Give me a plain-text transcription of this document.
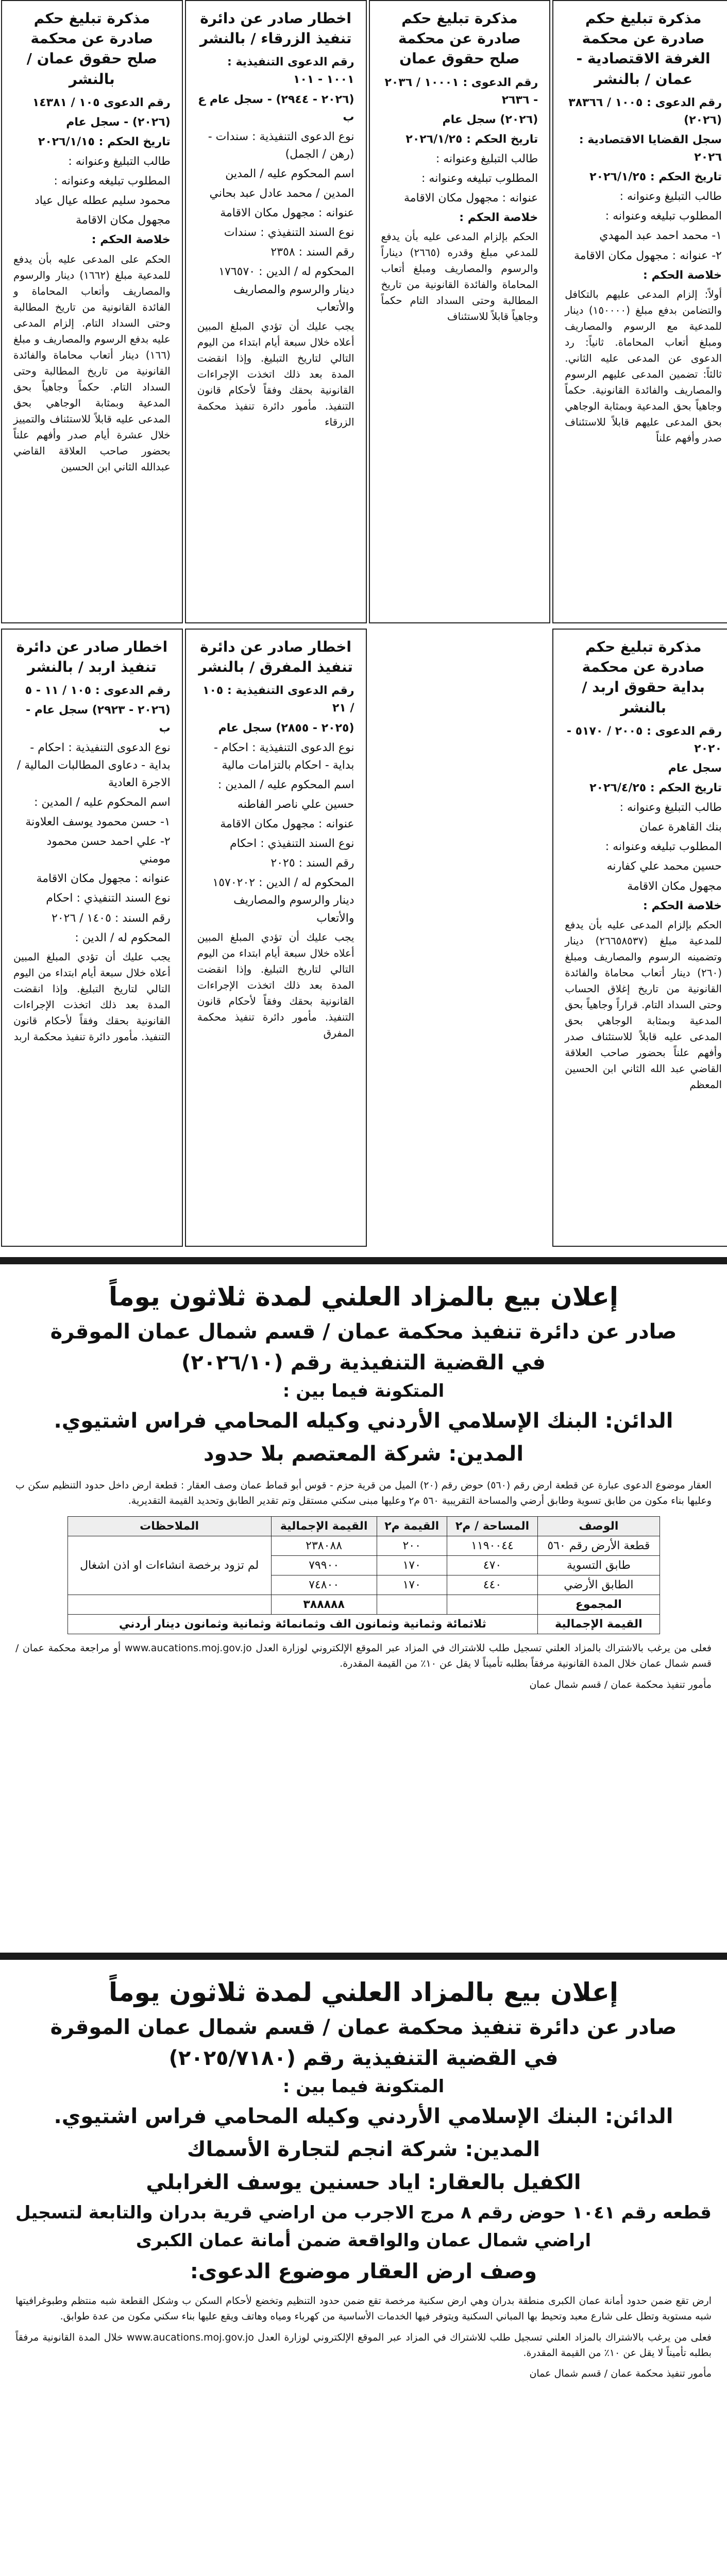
مذكرة تبليغ حكم صادرة عن محكمة صلح حقوق عمان / بالنشر
رقم الدعوى ١٠٥ / ١٤٣٨١
(٢٠٢٦) - سجل عام
تاريخ الحكم : ٢٠٢٦/١/١٥
طالب التبليغ وعنوانه :
المطلوب تبليغه وعنوانه :
محمود سليم عطله عيال عياد
مجهول مكان الاقامة
خلاصة الحكم :
الحكم على المدعى عليه بأن يدفع للمدعية مبلغ (١٦٦٢) دينار والرسوم والمصاريف وأتعاب المحاماة و الفائدة القانونية من تاريخ المطالبة وحتى السداد التام. إلزام المدعى عليه بدفع الرسوم والمصاريف و مبلغ (١٦٦) دينار أتعاب محاماة والفائدة القانونية من تاريخ المطالبة وحتى السداد التام. حكماً وجاهياً بحق المدعية وبمثابة الوجاهي بحق المدعى عليه قابلاً للاستئناف والتمييز خلال عشرة أيام صدر وأفهم علناً بحضور صاحب العلاقة القاضي عبدالله الثاني ابن الحسين
اخطار صادر عن دائرة تنفيذ الزرقاء / بالنشر
رقم الدعوى التنفيذية : ١٠٠١ - ١٠١
(٢٠٢٦ - ٢٩٤٤) - سجل عام ع ب
نوع الدعوى التنفيذية : سندات - (رهن / الجمل)
اسم المحكوم عليه / المدين
المدين / محمد عادل عبد بحاني
عنوانه : مجهول مكان الاقامة
نوع السند التنفيذي : سندات
رقم السند : ٢٣٥٨
المحكوم له / الدين : ١٧٦٥٧٠ دينار والرسوم والمصاريف والأتعاب
يجب عليك أن تؤدي المبلغ المبين أعلاه خلال سبعة أيام ابتداء من اليوم التالي لتاريخ التبليغ. وإذا انقضت المدة بعد ذلك اتخذت الإجراءات القانونية بحقك وفقاً لأحكام قانون التنفيذ. مأمور دائرة تنفيذ محكمة الزرقاء
مذكرة تبليغ حكم صادرة عن محكمة صلح حقوق عمان
رقم الدعوى : ١٠٠٠١ / ٢٠٣٦ - ٢٦٣٦
(٢٠٢٦) سجل عام
تاريخ الحكم : ٢٠٢٦/١/٢٥
طالب التبليغ وعنوانه :
المطلوب تبليغه وعنوانه :
عنوانه : مجهول مكان الاقامة
خلاصة الحكم :
الحكم بإلزام المدعى عليه بأن يدفع للمدعي مبلغ وقدره (٢٦٦٥) ديناراً والرسوم والمصاريف ومبلغ أتعاب المحاماة والفائدة القانونية من تاريخ المطالبة وحتى السداد التام حكماً وجاهياً قابلاً للاستئناف
مذكرة تبليغ حكم صادرة عن محكمة الغرفة الاقتصادية - عمان / بالنشر
رقم الدعوى : ١٠٠٥ / ٣٨٣٦٦ (٢٠٢٦)
سجل القضايا الاقتصادية : ٢٠٢٦
تاريخ الحكم : ٢٠٢٦/١/٢٥
طالب التبليغ وعنوانه :
المطلوب تبليغه وعنوانه :
١- محمد احمد عبد المهدي
٢- عنوانه : مجهول مكان الاقامة
خلاصة الحكم :
أولاً: إلزام المدعى عليهم بالتكافل والتضامن بدفع مبلغ (١٥٠٠٠٠) دينار للمدعية مع الرسوم والمصاريف ومبلغ أتعاب المحاماة. ثانياً: رد الدعوى عن المدعى عليه الثاني. ثالثاً: تضمين المدعى عليهم الرسوم والمصاريف والفائدة القانونية. حكماً وجاهياً بحق المدعية وبمثابة الوجاهي بحق المدعى عليهم قابلاً للاستئناف صدر وأفهم علناً
اخطار صادر عن دائرة تنفيذ اربد / بالنشر
رقم الدعوى : ١٠٥ / ١١ - ٥
(٢٠٢٦ - ٢٩٢٣) سجل عام - ب
نوع الدعوى التنفيذية : احكام - بداية - دعاوى المطالبات المالية / الاجرة العادية
اسم المحكوم عليه / المدين :
١- حسن محمود يوسف العلاونة
٢- علي احمد حسن محمود مومني
عنوانه : مجهول مكان الاقامة
نوع السند التنفيذي : احكام
رقم السند : ١٤٠٥ / ٢٠٢٦
المحكوم له / الدين :
يجب عليك أن تؤدي المبلغ المبين أعلاه خلال سبعة أيام ابتداء من اليوم التالي لتاريخ التبليغ. وإذا انقضت المدة بعد ذلك اتخذت الإجراءات القانونية بحقك وفقاً لأحكام قانون التنفيذ. مأمور دائرة تنفيذ محكمة اربد
اخطار صادر عن دائرة تنفيذ المفرق / بالنشر
رقم الدعوى التنفيذية : ١٠٥ / ٢١
(٢٠٢٥ - ٢٨٥٥) سجل عام
نوع الدعوى التنفيذية : احكام - بداية - احكام بالتزامات مالية
اسم المحكوم عليه / المدين :
حسين علي ناصر الفاطنه
عنوانه : مجهول مكان الاقامة
نوع السند التنفيذي : احكام
رقم السند : ٢٠٢٥
المحكوم له / الدين : ١٥٧٠٢٠٢ دينار والرسوم والمصاريف والأتعاب
يجب عليك أن تؤدي المبلغ المبين أعلاه خلال سبعة أيام ابتداء من اليوم التالي لتاريخ التبليغ. وإذا انقضت المدة بعد ذلك اتخذت الإجراءات القانونية بحقك وفقاً لأحكام قانون التنفيذ. مأمور دائرة تنفيذ محكمة المفرق
مذكرة تبليغ حكم صادرة عن محكمة بداية حقوق اربد / بالنشر
رقم الدعوى : ٢٠٠٥ / ٥١٧٠ - ٢٠٢٠
سجل عام
تاريخ الحكم : ٢٠٢٦/٤/٢٥
طالب التبليغ وعنوانه :
بنك القاهرة عمان
المطلوب تبليغه وعنوانه :
حسين محمد علي كفارنه
مجهول مكان الاقامة
خلاصة الحكم :
الحكم بإلزام المدعى عليه بأن يدفع للمدعية مبلغ (٢٦٦٥٨٥٣٧) دينار وتضمينه الرسوم والمصاريف ومبلغ (٢٦٠) دينار أتعاب محاماة والفائدة القانونية من تاريخ إغلاق الحساب وحتى السداد التام. قراراً وجاهياً بحق المدعية وبمثابة الوجاهي بحق المدعى عليه قابلاً للاستئناف صدر وأفهم علناً بحضور صاحب العلاقة القاضي عبد الله الثاني ابن الحسين المعظم
إعلان بيع بالمزاد العلني لمدة ثلاثون يوماً
صادر عن دائرة تنفيذ محكمة عمان / قسم شمال عمان الموقرة
في القضية التنفيذية رقم (٢٠٢٦/١٠)
المتكونة فيما بين :
الدائن: البنك الإسلامي الأردني وكيله المحامي فراس اشتيوي.
المدين: شركة المعتصم بلا حدود
العقار موضوع الدعوى عبارة عن قطعة ارض رقم (٥٦٠) حوض رقم (٢٠) الميل من قرية حزم - قوس أبو قماط عمان وصف العقار : قطعة ارض داخل حدود التنظيم سكن ب وعليها بناء مكون من طابق تسوية وطابق أرضي والمساحة التقريبية ٥٦٠ م٢ وعليها مبنى سكني مستقل وتم تقدير الطابق وتحديد القيمة التقديرية.
الوصف	المساحة / م٢	القيمة م٢	القيمة الإجمالية	الملاحظات
قطعة الأرض رقم ٥٦٠	١١٩٠٠٤٤	٢٠٠	٢٣٨٠٨٨	لم تزود برخصة انشاءات او اذن اشغال
طابق التسوية	٤٧٠	١٧٠	٧٩٩٠٠	
الطابق الأرضي	٤٤٠	١٧٠	٧٤٨٠٠	
المجموع			٣٨٨٨٨٨	
القيمة الإجمالية	ثلاثمائة وثمانية وثمانون الف وثمانمائة وثمانية وثمانون دينار أردني			
فعلى من يرغب بالاشتراك بالمزاد العلني تسجيل طلب للاشتراك في المزاد عبر الموقع الإلكتروني لوزارة العدل www.aucations.moj.gov.jo أو مراجعة محكمة عمان / قسم شمال عمان خلال المدة القانونية مرفقاً بطلبه تأميناً لا يقل عن ١٠٪ من القيمة المقدرة.
مأمور تنفيذ محكمة عمان / قسم شمال عمان
إعلان بيع بالمزاد العلني لمدة ثلاثون يوماً
صادر عن دائرة تنفيذ محكمة عمان / قسم شمال عمان الموقرة
في القضية التنفيذية رقم (٢٠٢٥/٧١٨٠)
المتكونة فيما بين :
الدائن: البنك الإسلامي الأردني وكيله المحامي فراس اشتيوي.
المدين: شركة انجم لتجارة الأسماك
الكفيل بالعقار: اياد حسنين يوسف الغرابلي
قطعه رقم ١٠٤١ حوض رقم ٨ مرج الاجرب من اراضي قرية بدران والتابعة لتسجيل اراضي شمال عمان والواقعة ضمن أمانة عمان الكبرى
وصف ارض العقار موضوع الدعوى:
ارض تقع ضمن حدود أمانة عمان الكبرى منطقة بدران وهي ارض سكنية مرخصة تقع ضمن حدود التنظيم وتخضع لأحكام السكن ب وشكل القطعة شبه منتظم وطبوغرافيتها شبه مستوية وتطل على شارع معبد وتحيط بها المباني السكنية ويتوفر فيها الخدمات الأساسية من كهرباء ومياه وهاتف ويقع عليها بناء سكني مكون من عدة طوابق.
فعلى من يرغب بالاشتراك بالمزاد العلني تسجيل طلب للاشتراك في المزاد عبر الموقع الإلكتروني لوزارة العدل www.aucations.moj.gov.jo خلال المدة القانونية مرفقاً بطلبه تأميناً لا يقل عن ١٠٪ من القيمة المقدرة.
مأمور تنفيذ محكمة عمان / قسم شمال عمان
